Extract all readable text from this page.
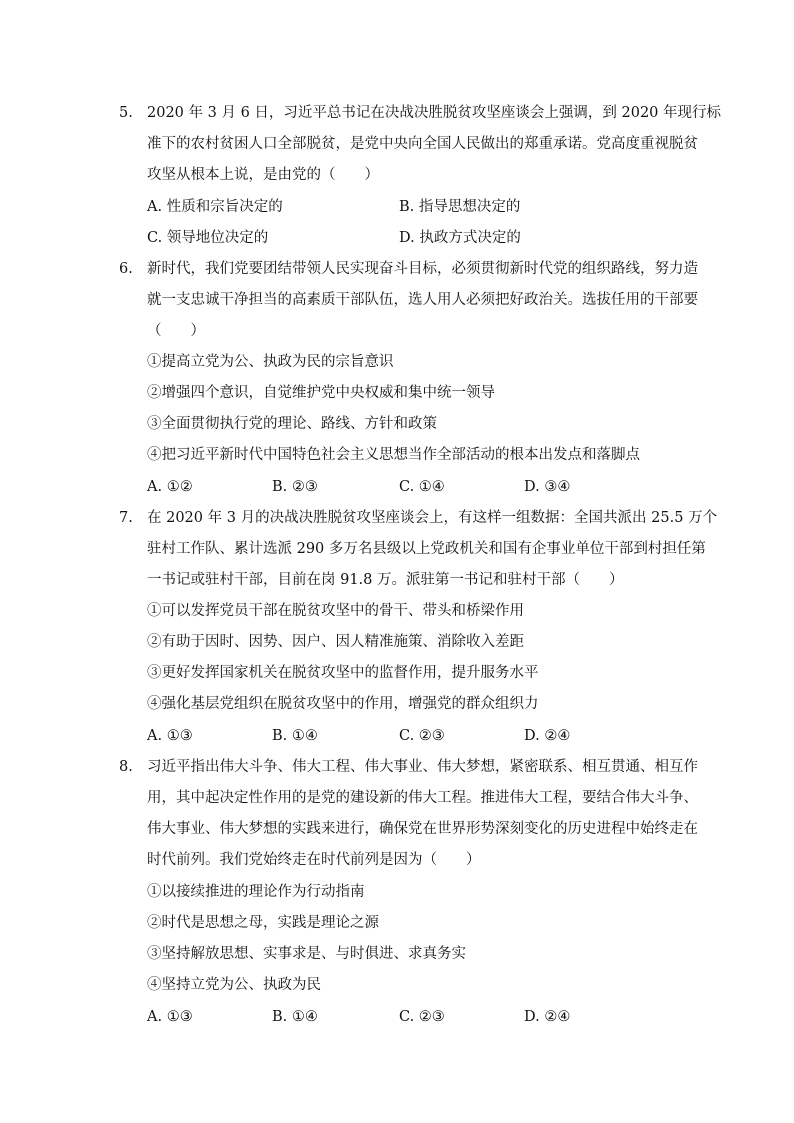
5. 2020 年 3 月 6 日，习近平总书记在决战决胜脱贫攻坚座谈会上强调，到 2020 年现行标
准下的农村贫困人口全部脱贫，是党中央向全国人民做出的郑重承诺。党高度重视脱贫
攻坚从根本上说，是由党的（　　）
A. 性质和宗旨决定的	B. 指导思想决定的
C. 领导地位决定的	D. 执政方式决定的
6. 新时代，我们党要团结带领人民实现奋斗目标，必须贯彻新时代党的组织路线，努力造
就一支忠诚干净担当的高素质干部队伍，选人用人必须把好政治关。选拔任用的干部要
（　　）
①提高立党为公、执政为民的宗旨意识
②增强四个意识，自觉维护党中央权威和集中统一领导
③全面贯彻执行党的理论、路线、方针和政策
④把习近平新时代中国特色社会主义思想当作全部活动的根本出发点和落脚点
A. ①②	B. ②③	C. ①④	D. ③④
7. 在 2020 年 3 月的决战决胜脱贫攻坚座谈会上，有这样一组数据：全国共派出 25.5 万个
驻村工作队、累计选派 290 多万名县级以上党政机关和国有企事业单位干部到村担任第
一书记或驻村干部，目前在岗 91.8 万。派驻第一书记和驻村干部（　　）
①可以发挥党员干部在脱贫攻坚中的骨干、带头和桥梁作用
②有助于因时、因势、因户、因人精准施策、消除收入差距
③更好发挥国家机关在脱贫攻坚中的监督作用，提升服务水平
④强化基层党组织在脱贫攻坚中的作用，增强党的群众组织力
A. ①③	B. ①④	C. ②③	D. ②④
8. 习近平指出伟大斗争、伟大工程、伟大事业、伟大梦想，紧密联系、相互贯通、相互作
用，其中起决定性作用的是党的建设新的伟大工程。推进伟大工程，要结合伟大斗争、
伟大事业、伟大梦想的实践来进行，确保党在世界形势深刻变化的历史进程中始终走在
时代前列。我们党始终走在时代前列是因为（　　）
①以接续推进的理论作为行动指南
②时代是思想之母，实践是理论之源
③坚持解放思想、实事求是、与时俱进、求真务实
④坚持立党为公、执政为民
A. ①③	B. ①④	C. ②③	D. ②④
